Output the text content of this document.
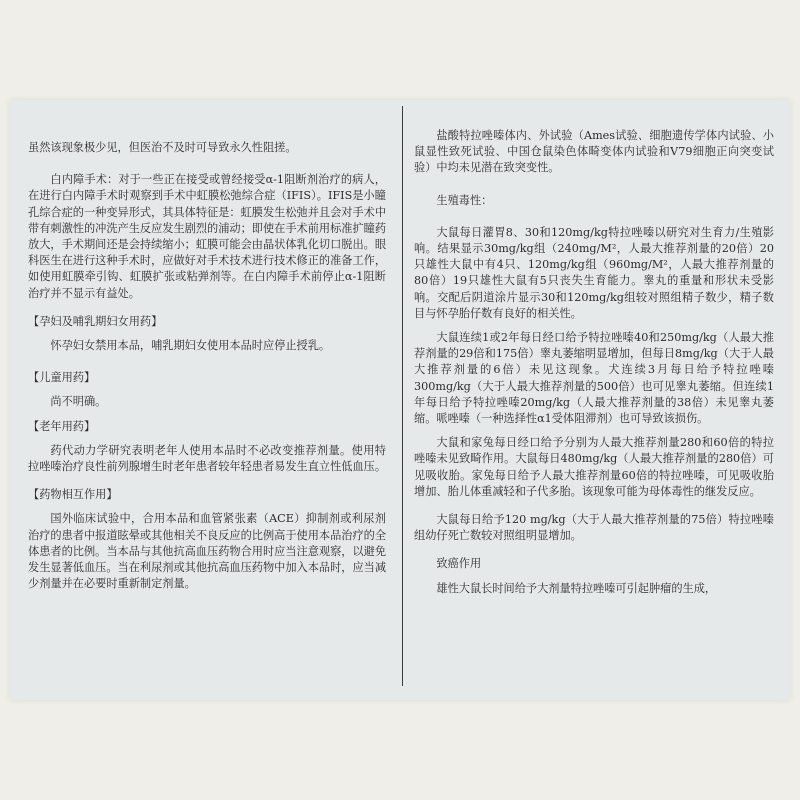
虽然该现象极少见，但医治不及时可导致永久性阻搓。

白内障手术：对于一些正在接受或曾经接受α-1阻断剂治疗的病人，在进行白内障手术时观察到手术中虹膜松弛综合症（IFIS）。IFIS是小瞳孔综合症的一种变异形式，其具体特征是：虹膜发生松弛并且会对手术中带有刺激性的冲洗产生反应发生剧烈的浦动；即使在手术前用标准扩瞳药放大，手术期间还是会持续缩小；虹膜可能会由晶状体乳化切口脱出。眼科医生在进行这种手术时，应做好对手术技术进行技术修正的准备工作，如使用虹膜牵引钩、虹膜扩张或粘弹剂等。在白内障手术前停止α-1阻断治疗并不显示有益处。

【孕妇及哺乳期妇女用药】

怀孕妇女禁用本品，哺乳期妇女使用本品时应停止授乳。

【儿童用药】

尚不明确。

【老年用药】

药代动力学研究表明老年人使用本品时不必改变推荐剂量。使用特拉唑嗪治疗良性前列腺增生时老年患者较年轻患者易发生直立性低血压。

【药物相互作用】

国外临床试验中，合用本品和血管紧张素（ACE）抑制剂或利尿剂治疗的患者中报道眩晕或其他相关不良反应的比例高于使用本品治疗的全体患者的比例。当本品与其他抗高血压药物合用时应当注意观察，以避免发生显著低血压。当在利尿剂或其他抗高血压药物中加入本品时，应当减少剂量并在必要时重新制定剂量。

盐酸特拉唑嗪体内、外试验（Ames试验、细胞遗传学体内试验、小鼠显性致死试验、中国仓鼠染色体畸变体内试验和V79细胞正向突变试验）中均未见潜在致突变性。

生殖毒性：

大鼠每日灌胃8、30和120mg/kg特拉唑嗪以研究对生育力/生殖影响。结果显示30mg/kg组（240mg/M²，人最大推荐剂量的20倍）20只雄性大鼠中有4只、120mg/kg组（960mg/M²，人最大推荐剂量的80倍）19只雄性大鼠有5只丧失生育能力。睾丸的重量和形状未受影响。交配后阴道涂片显示30和120mg/kg组较对照组精子数少，精子数目与怀孕胎仔数有良好的相关性。

大鼠连续1或2年每日经口给予特拉唑嗪40和250mg/kg（人最大推荐剂量的29倍和175倍）睾丸萎缩明显增加，但每日8mg/kg（大于人最大推荐剂量的6倍）未见这现象。犬连续3月每日给予特拉唑嗪300mg/kg（大于人最大推荐剂量的500倍）也可见睾丸萎缩。但连续1年每日给予特拉唑嗪20mg/kg（人最大推荐剂量的38倍）未见睾丸萎缩。哌唑嗪（一种选择性α1受体阻滞剂）也可导致该损伤。

大鼠和家兔每日经口给予分别为人最大推荐剂量280和60倍的特拉唑嗪未见致畸作用。大鼠每日480mg/kg（人最大推荐剂量的280倍）可见吸收胎。家兔每日给予人最大推荐剂量60倍的特拉唑嗪，可见吸收胎增加、胎儿体重减轻和子代多胎。该现象可能为母体毒性的继发反应。

大鼠每日给予120 mg/kg（大于人最大推荐剂量的75倍）特拉唑嗪组幼仔死亡数较对照组明显增加。

致癌作用

雄性大鼠长时间给予大剂量特拉唑嗪可引起肿瘤的生成，
